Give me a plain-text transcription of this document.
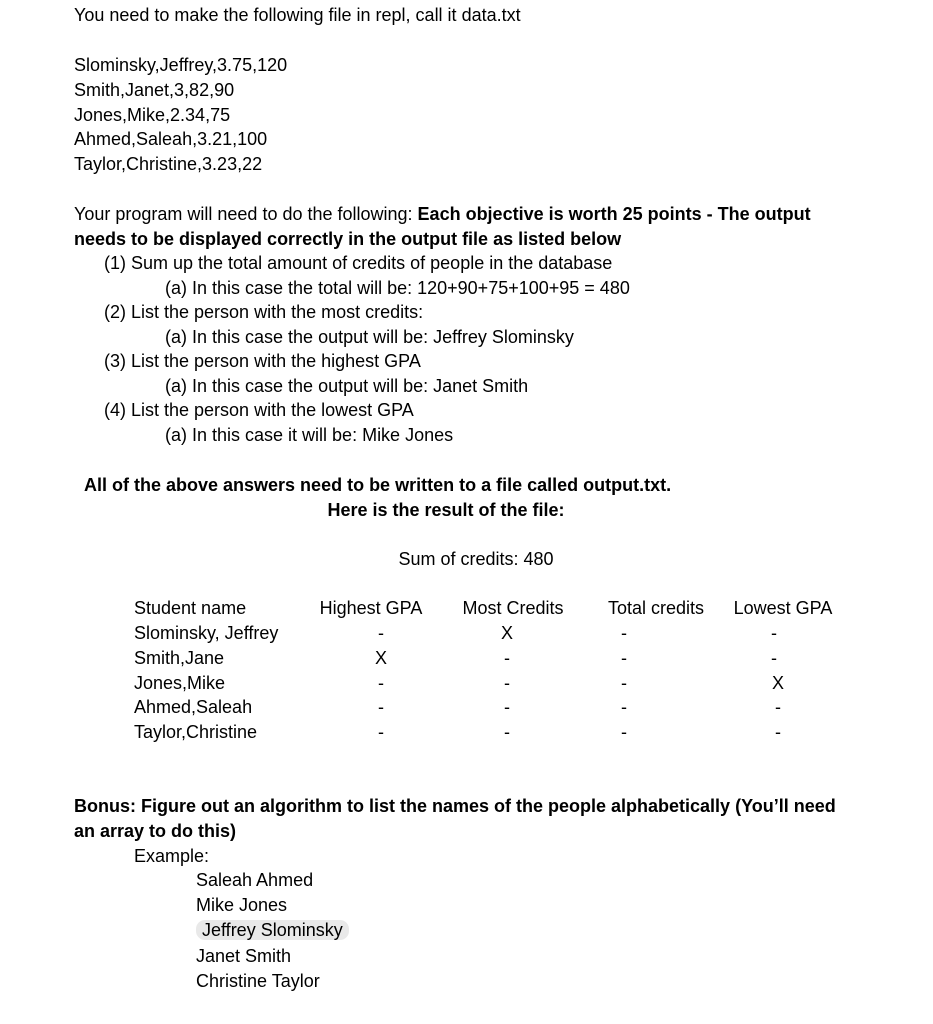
You need to make the following file in repl, call it data.txt
Slominsky,Jeffrey,3.75,120
Smith,Janet,3,82,90
Jones,Mike,2.34,75
Ahmed,Saleah,3.21,100
Taylor,Christine,3.23,22
Your program will need to do the following: Each objective is worth 25 points - The output
needs to be displayed correctly in the output file as listed below
(1) Sum up the total amount of credits of people in the database
(a) In this case the total will be: 120+90+75+100+95 = 480
(2) List the person with the most credits:
(a) In this case the output will be: Jeffrey Slominsky
(3) List the person with the highest GPA
(a) In this case the output will be: Janet Smith
(4) List the person with the lowest GPA
(a) In this case it will be: Mike Jones
All of the above answers need to be written to a file called output.txt.
Here is the result of the file:
Sum of credits: 480
Student name	Highest GPA	Most Credits	Total credits	Lowest GPA
Slominsky, Jeffrey	-	X	-	-
Smith,Jane	X	-	-	-
Jones,Mike	-	-	-	X
Ahmed,Saleah	-	-	-	-
Taylor,Christine	-	-	-	-
Bonus: Figure out an algorithm to list the names of the people alphabetically (You’ll need
an array to do this)
Example:
Saleah Ahmed
Mike Jones
Jeffrey Slominsky
Janet Smith
Christine Taylor
